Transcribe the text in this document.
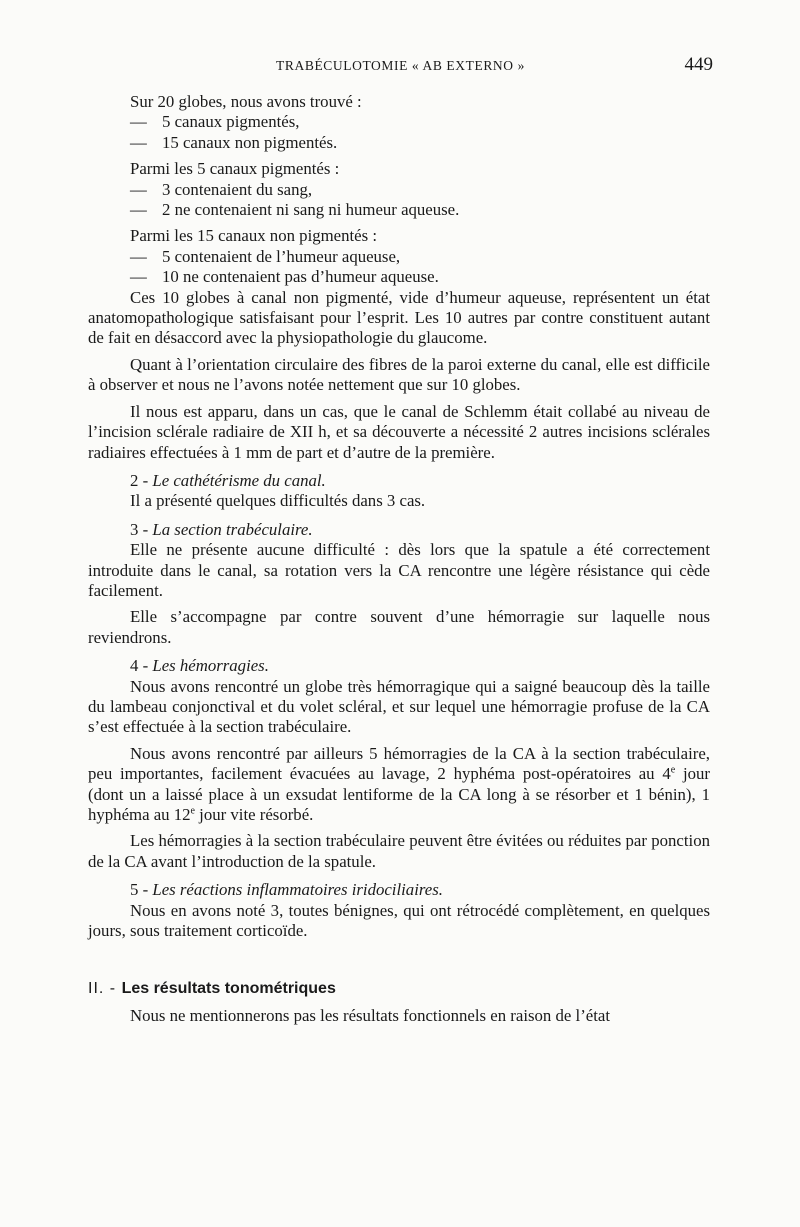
TRABÉCULOTOMIE « AB EXTERNO »	449

Sur 20 globes, nous avons trouvé :

— 5 canaux pigmentés,

— 15 canaux non pigmentés.

Parmi les 5 canaux pigmentés :

— 3 contenaient du sang,

— 2 ne contenaient ni sang ni humeur aqueuse.

Parmi les 15 canaux non pigmentés :

— 5 contenaient de l’humeur aqueuse,

— 10 ne contenaient pas d’humeur aqueuse.

Ces 10 globes à canal non pigmenté, vide d’humeur aqueuse, représentent un état anatomopathologique satisfaisant pour l’esprit. Les 10 autres par contre constituent autant de fait en désaccord avec la physiopathologie du glaucome.

Quant à l’orientation circulaire des fibres de la paroi externe du canal, elle est difficile à observer et nous ne l’avons notée nettement que sur 10 globes.

Il nous est apparu, dans un cas, que le canal de Schlemm était collabé au niveau de l’incision sclérale radiaire de XII h, et sa découverte a nécessité 2 autres incisions sclérales radiaires effectuées à 1 mm de part et d’autre de la première.

2 - Le cathétérisme du canal.

Il a présenté quelques difficultés dans 3 cas.

3 - La section trabéculaire.

Elle ne présente aucune difficulté : dès lors que la spatule a été correctement introduite dans le canal, sa rotation vers la CA rencontre une légère résistance qui cède facilement.

Elle s’accompagne par contre souvent d’une hémorragie sur laquelle nous reviendrons.

4 - Les hémorragies.

Nous avons rencontré un globe très hémorragique qui a saigné beaucoup dès la taille du lambeau conjonctival et du volet scléral, et sur lequel une hémorragie profuse de la CA s’est effectuée à la section trabéculaire.

Nous avons rencontré par ailleurs 5 hémorragies de la CA à la section trabéculaire, peu importantes, facilement évacuées au lavage, 2 hyphéma post-opératoires au 4e jour (dont un a laissé place à un exsudat lentiforme de la CA long à se résorber et 1 bénin), 1 hyphéma au 12e jour vite résorbé.

Les hémorragies à la section trabéculaire peuvent être évitées ou réduites par ponction de la CA avant l’introduction de la spatule.

5 - Les réactions inflammatoires iridociliaires.

Nous en avons noté 3, toutes bénignes, qui ont rétrocédé complètement, en quelques jours, sous traitement corticoïde.

II. - Les résultats tonométriques

Nous ne mentionnerons pas les résultats fonctionnels en raison de l’état
